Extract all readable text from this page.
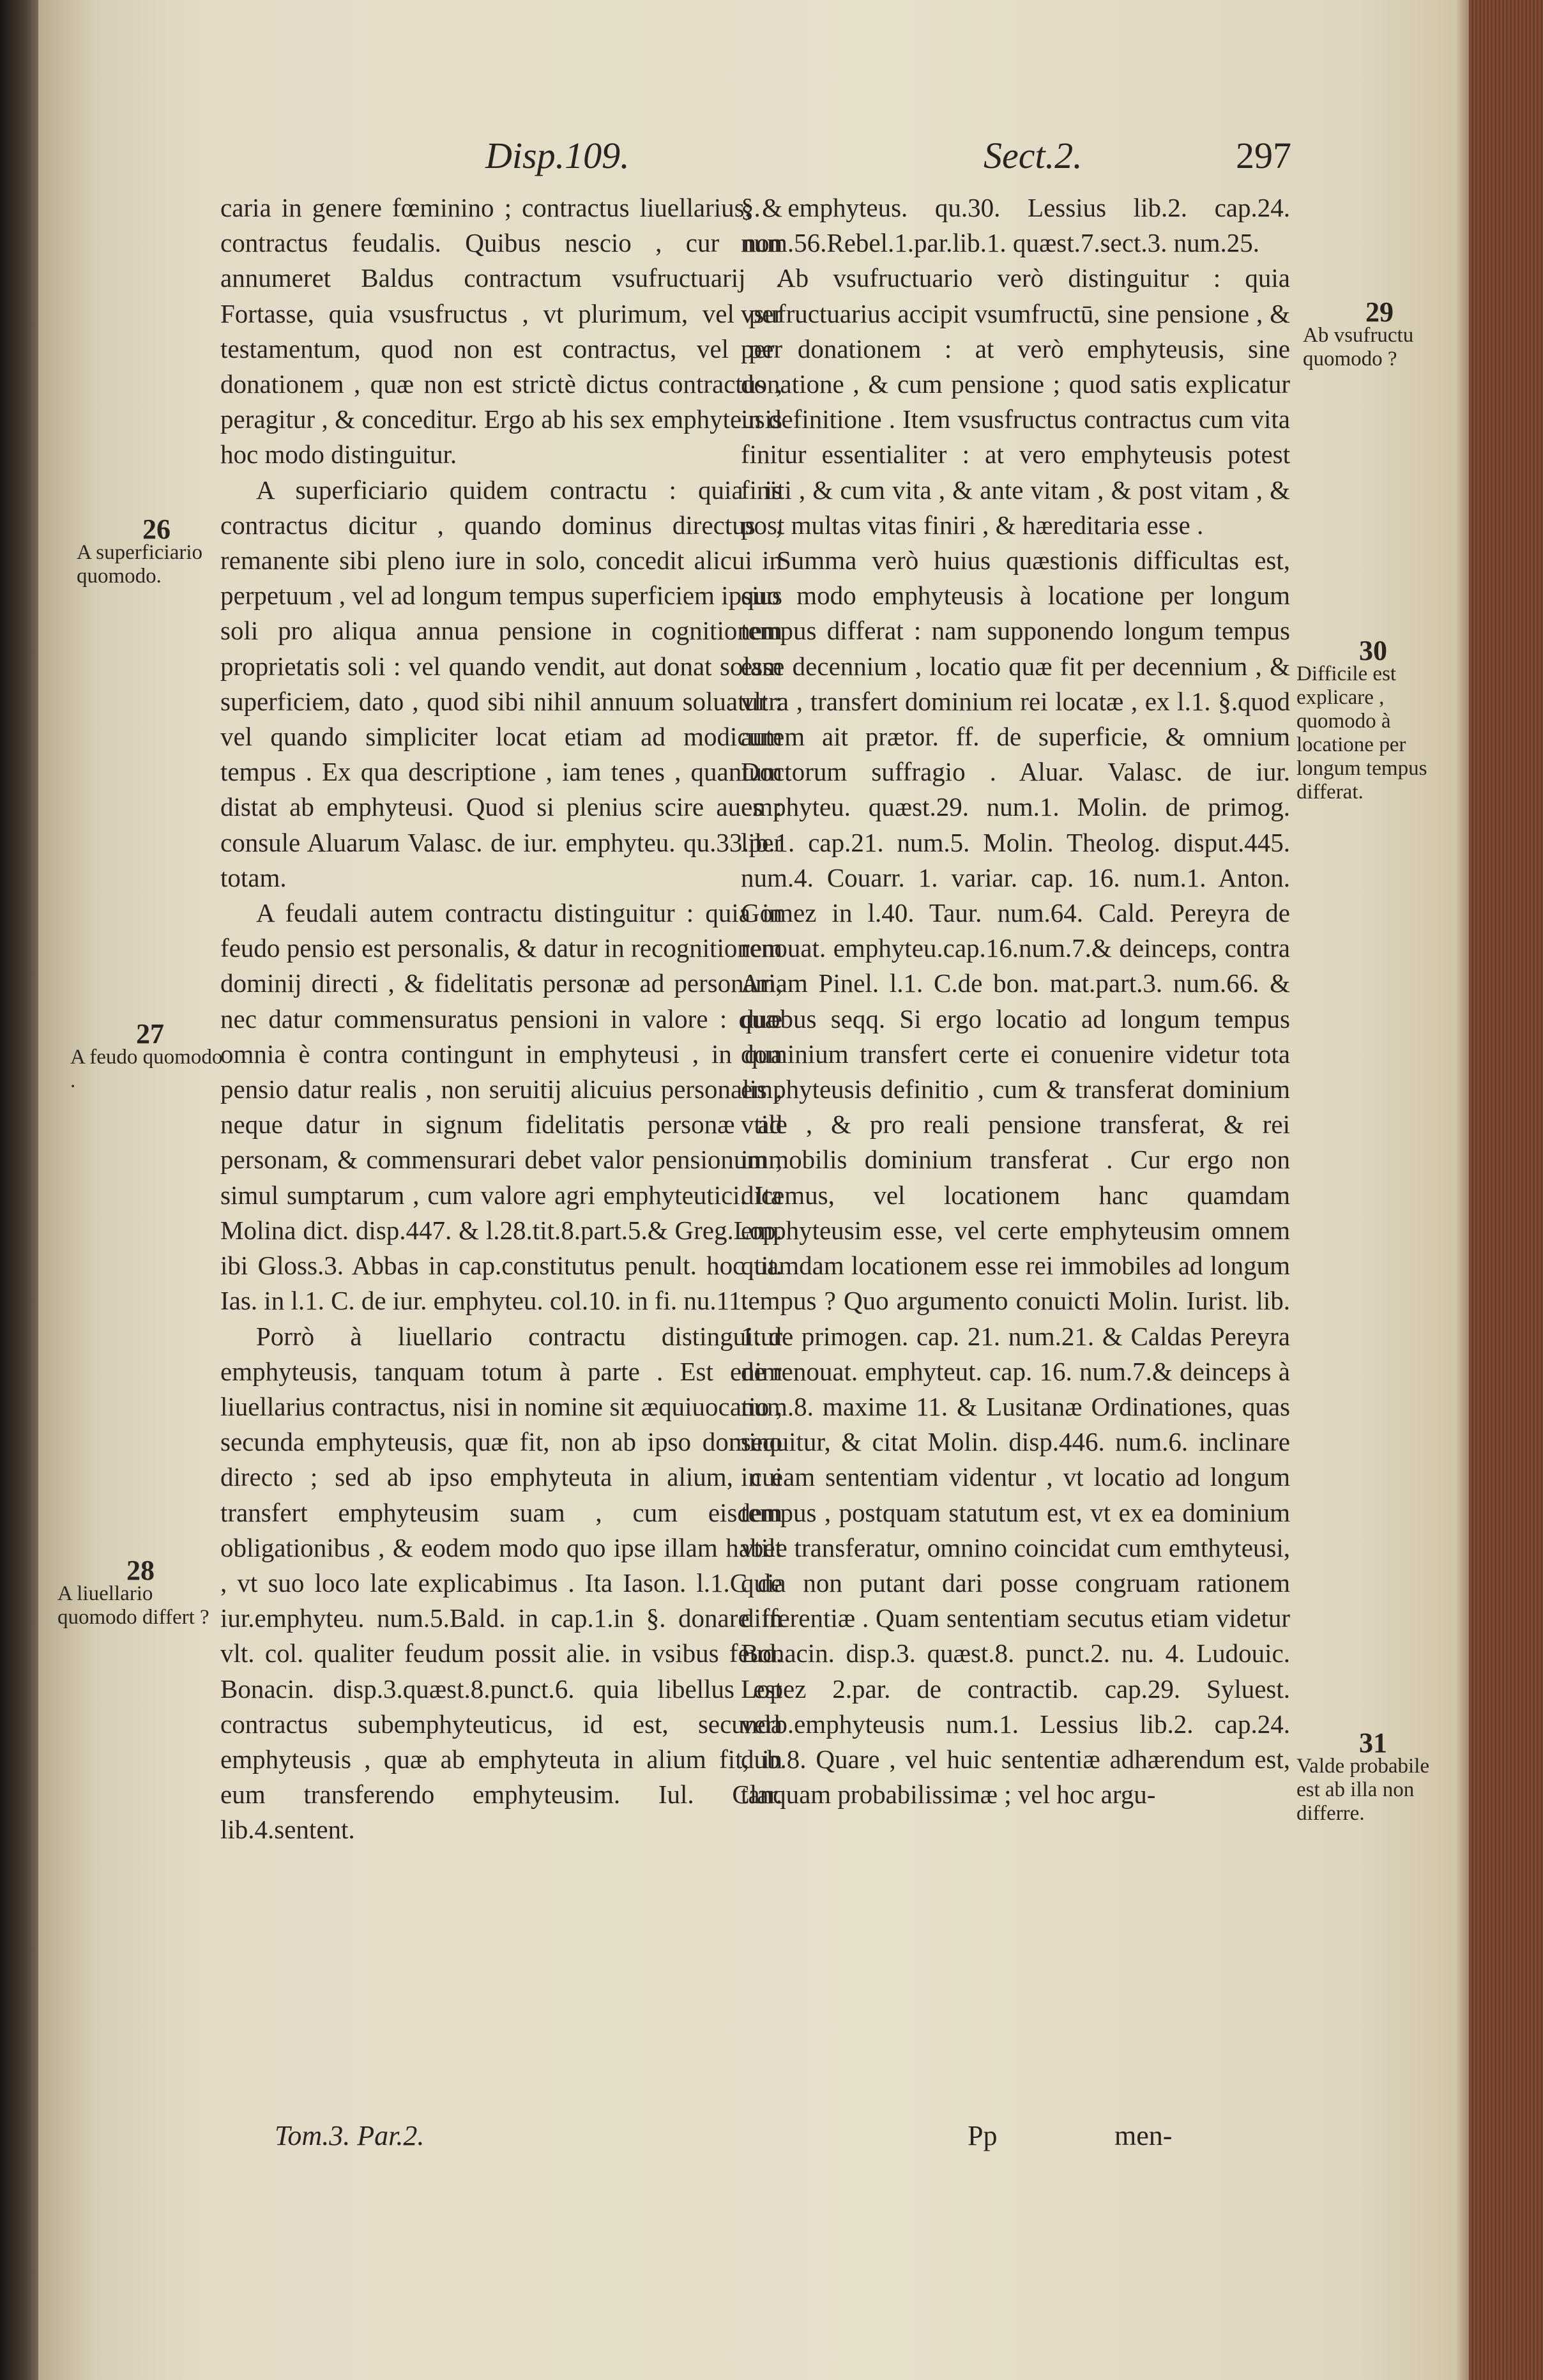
Disp.109.	Sect.2.	297

caria in genere fœminino ; contractus liuellarius; & contractus feudalis. Quibus nescio , cur non annumeret Baldus contractum vsufructuarij . Fortasse, quia vsusfructus , vt plurimum, vel per testamentum, quod non est contractus, vel per donationem , quæ non est strictè dictus contractus , peragitur , & conceditur. Ergo ab his sex emphyteusis hoc modo distinguitur.

A superficiario quidem contractu : quia is contractus dicitur , quando dominus directus , remanente sibi pleno iure in solo, concedit alicui in perpetuum , vel ad longum tempus superficiem ipsius soli pro aliqua annua pensione in cognitionem proprietatis soli : vel quando vendit, aut donat solam superficiem, dato , quod sibi nihil annuum soluatur : vel quando simpliciter locat etiam ad modicum tempus . Ex qua descriptione , iam tenes , quantum distat ab emphyteusi. Quod si plenius scire aues : consule Aluarum Valasc. de iur. emphyteu. qu.33.per totam.

A feudali autem contractu distinguitur : quia in feudo pensio est personalis, & datur in recognitionem dominij directi , & fidelitatis personæ ad personam, nec datur commensuratus pensioni in valore : quæ omnia è contra contingunt in emphyteusi , in qua pensio datur realis , non seruitij alicuius personalis , neque datur in signum fidelitatis personæ ad personam, & commensurari debet valor pensionum , simul sumptarum , cum valore agri emphyteutici. Ita Molina dict. disp.447. & l.28.tit.8.part.5.& Greg.Lop. ibi Gloss.3. Abbas in cap.constitutus penult. hoc tit. Ias. in l.1. C. de iur. emphyteu. col.10. in fi. nu.11.

Porrò à liuellario contractu distinguitur emphyteusis, tanquam totum à parte . Est enim liuellarius contractus, nisi in nomine sit æquiuocatio , secunda emphyteusis, quæ fit, non ab ipso domino directo ; sed ab ipso emphyteuta in alium, cui transfert emphyteusim suam , cum eisdem obligationibus , & eodem modo quo ipse illam habet , vt suo loco late explicabimus . Ita Iason. l.1.C de iur.emphyteu. num.5.Bald. in cap.1.in §. donare in vlt. col. qualiter feudum possit alie. in vsibus feud. Bonacin. disp.3.quæst.8.punct.6. quia libellus est contractus subemphyteuticus, id est, secunda emphyteusis , quæ ab emphyteuta in alium fit, in eum transferendo emphyteusim. Iul. Clar. lib.4.sentent.

§. emphyteus. qu.30. Lessius lib.2. cap.24. num.56.Rebel.1.par.lib.1. quæst.7.sect.3. num.25.

Ab vsufructuario verò distinguitur : quia vsufructuarius accipit vsumfructū, sine pensione , & per donationem : at verò emphyteusis, sine donatione , & cum pensione ; quod satis explicatur in definitione . Item vsusfructus contractus cum vita finitur essentialiter : at vero emphyteusis potest finiti , & cum vita , & ante vitam , & post vitam , & post multas vitas finiri , & hæreditaria esse .

Summa verò huius quæstionis difficultas est, quo modo emphyteusis à locatione per longum tempus differat : nam supponendo longum tempus esse decennium , locatio quæ fit per decennium , & vltra , transfert dominium rei locatæ , ex l.1. §.quod autem ait prætor. ff. de superficie, & omnium Doctorum suffragio . Aluar. Valasc. de iur. emphyteu. quæst.29. num.1. Molin. de primog. lib.1. cap.21. num.5. Molin. Theolog. disput.445. num.4. Couarr. 1. variar. cap. 16. num.1. Anton. Gomez in l.40. Taur. num.64. Cald. Pereyra de renouat. emphyteu.cap.16.num.7.& deinceps, contra Ariam Pinel. l.1. C.de bon. mat.part.3. num.66. & duobus seqq. Si ergo locatio ad longum tempus dominium transfert certe ei conuenire videtur tota emphyteusis definitio , cum & transferat dominium vtile , & pro reali pensione transferat, & rei immobilis dominium transferat . Cur ergo non dicemus, vel locationem hanc quamdam emphyteusim esse, vel certe emphyteusim omnem quamdam locationem esse rei immobiles ad longum tempus ? Quo argumento conuicti Molin. Iurist. lib. 1. de primogen. cap. 21. num.21. & Caldas Pereyra de renouat. emphyteut. cap. 16. num.7.& deinceps à num.8. maxime 11. & Lusitanæ Ordinationes, quas sequitur, & citat Molin. disp.446. num.6. inclinare in eam sententiam videntur , vt locatio ad longum tempus , postquam statutum est, vt ex ea dominium vtile transferatur, omnino coincidat cum emthyteusi, quia non putant dari posse congruam rationem differentiæ . Quam sententiam secutus etiam videtur Bonacin. disp.3. quæst.8. punct.2. nu. 4. Ludouic. Lopez 2.par. de contractib. cap.29. Syluest. verb.emphyteusis num.1. Lessius lib.2. cap.24. dub.8. Quare , vel huic sententiæ adhærendum est, tanquam probabilissimæ ; vel hoc argu-

26
A superficiario quomodo.
27
A feudo quomodo .
28
A liuellario quomodo differt ?
29
Ab vsufructu quomodo ?
30
Difficile est explicare , quomodo à locatione per longum tempus differat.
31
Valde probabile est ab illa non differre.
Tom.3. Par.2.	Pp	men-
